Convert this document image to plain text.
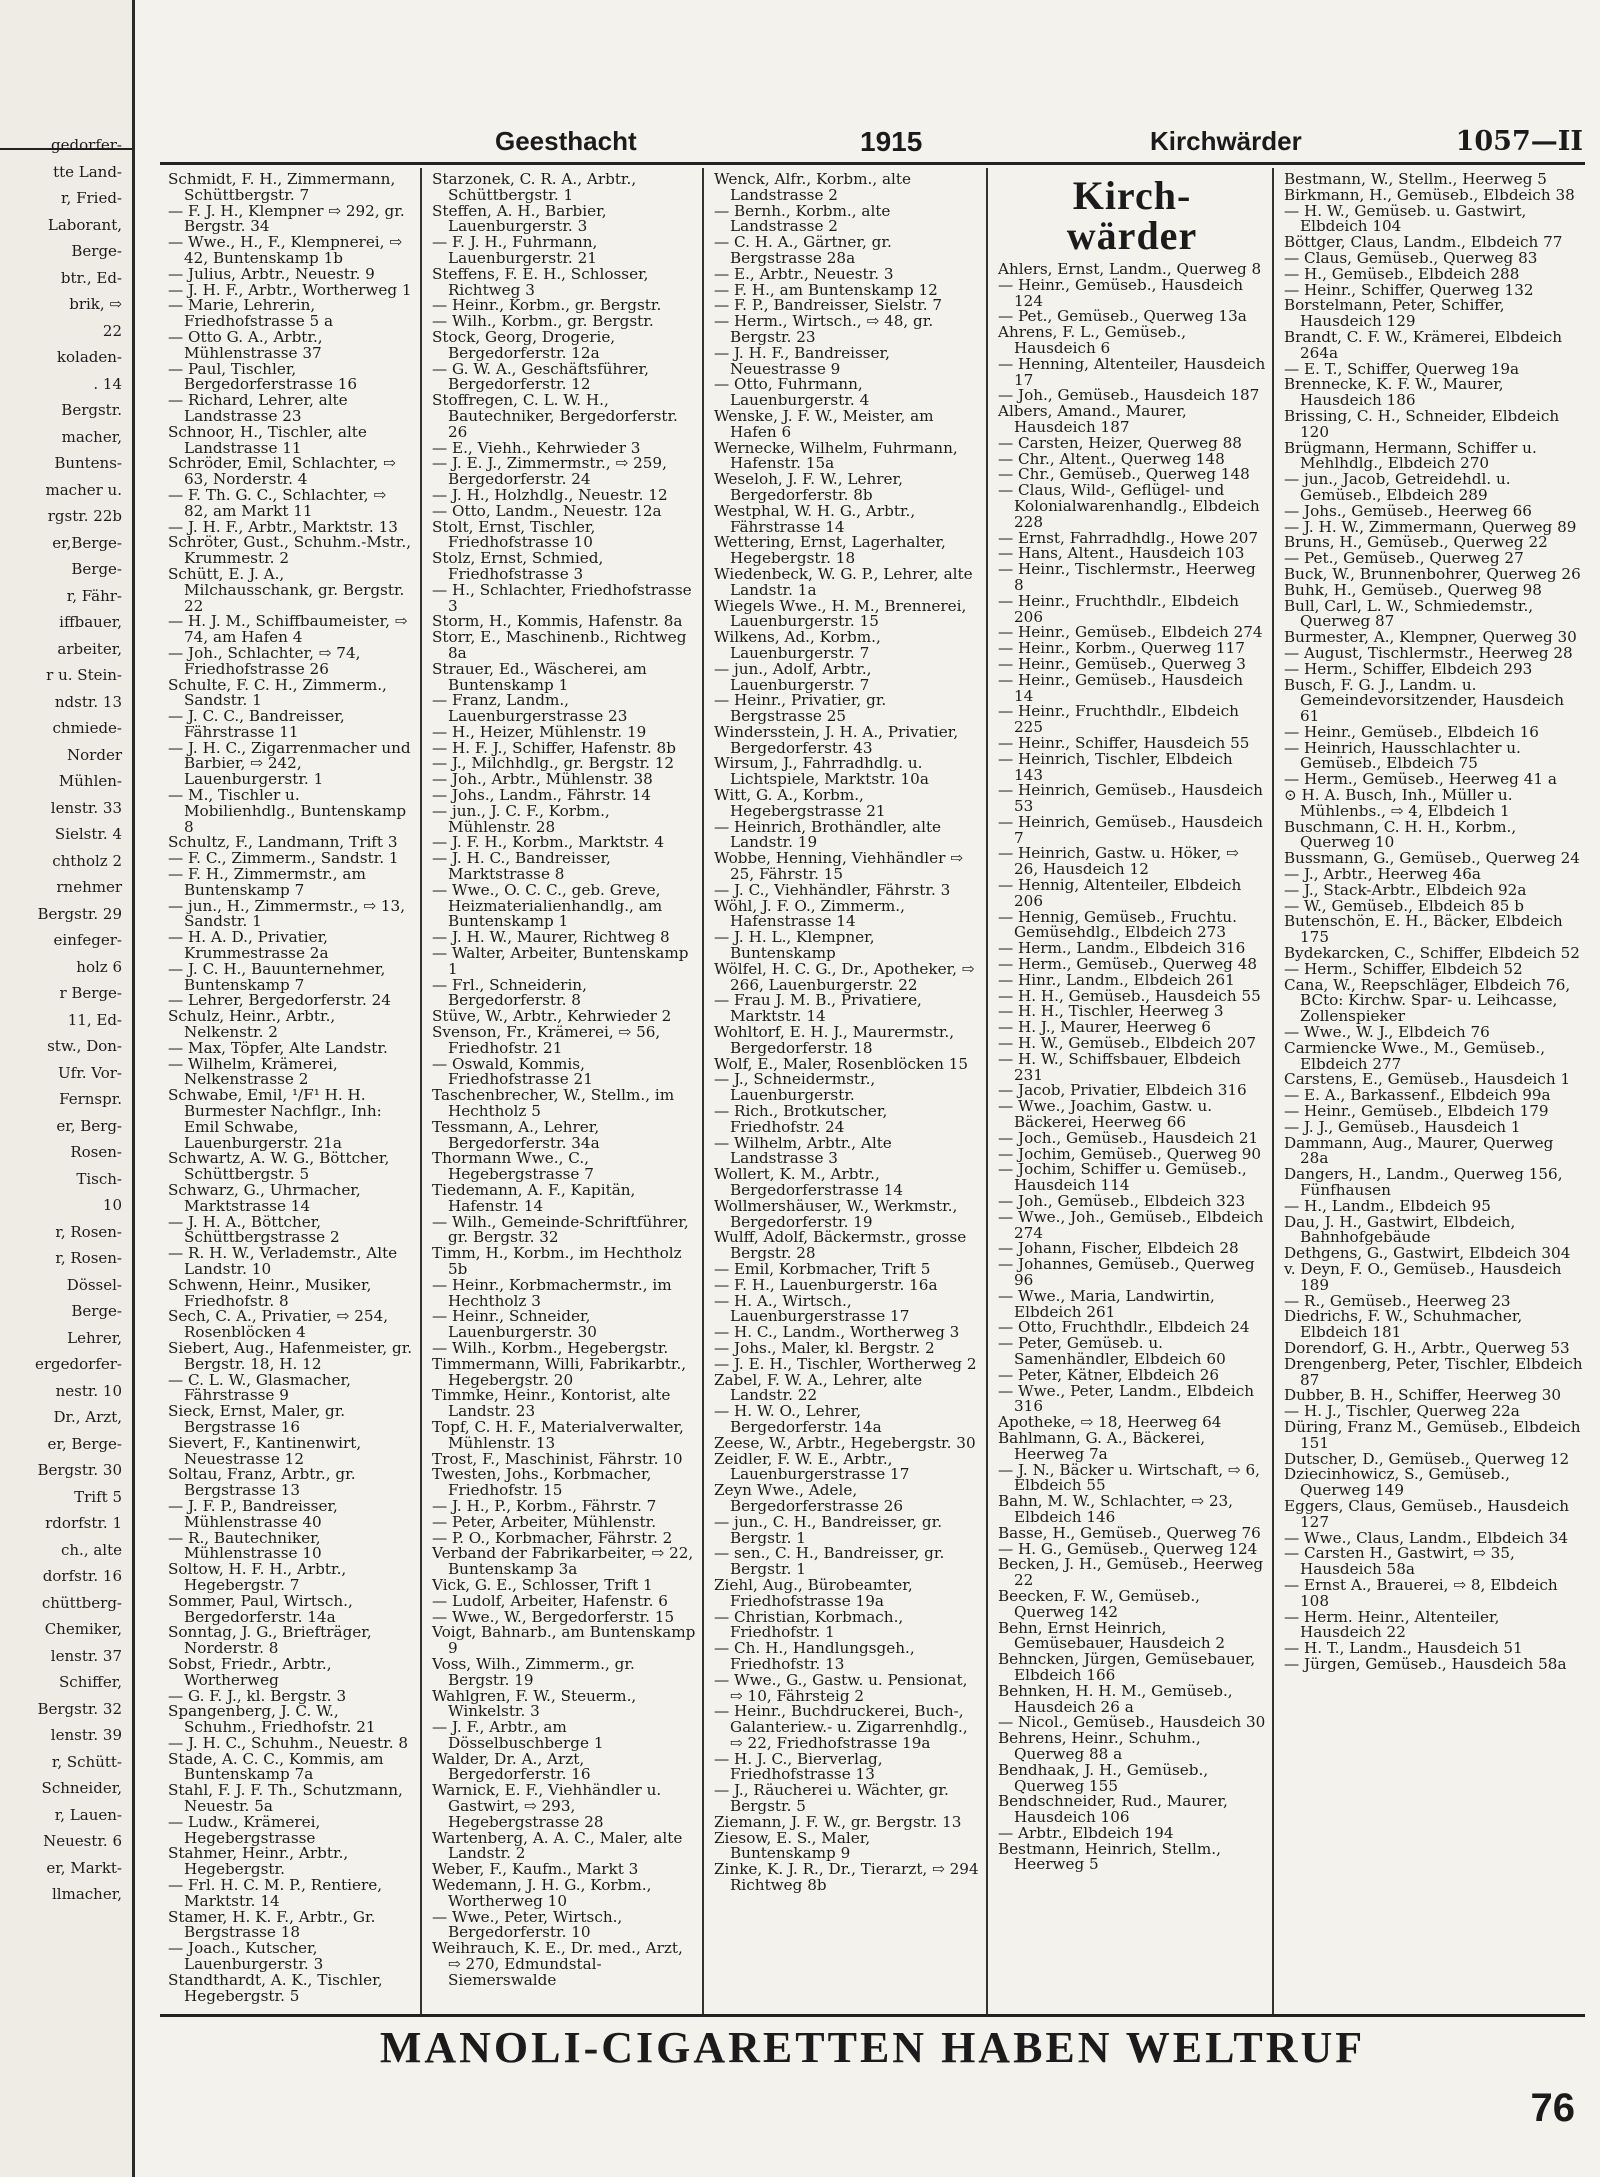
gedorfer-
tte Land-
r, Fried-
Laborant,
Berge-
btr., Ed-
brik, ⇨
22
koladen-
. 14
Bergstr.
macher,
Buntens-
macher u.
rgstr. 22b
er,Berge-
Berge-
r, Fähr-
iffbauer,
arbeiter,
r u. Stein-
ndstr. 13
chmiede-
Norder
Mühlen-
lenstr. 33
Sielstr. 4
chtholz 2
rnehmer
Bergstr. 29
einfeger-
holz 6
r Berge-
11, Ed-
stw., Don-
Ufr. Vor-
Fernspr.
er, Berg-
Rosen-
Tisch-
10
r, Rosen-
r, Rosen-
Dössel-
Berge-
Lehrer,
ergedorfer-
nestr. 10
Dr., Arzt,
er, Berge-
Bergstr. 30
Trift 5
rdorfstr. 1
ch., alte
dorfstr. 16
chüttberg-
Chemiker,
lenstr. 37
Schiffer,
Bergstr. 32
lenstr. 39
r, Schütt-
Schneider,
r, Lauen-
Neuestr. 6
er, Markt-
llmacher,
Geesthacht	1915	Kirchwärder	1057—II

Schmidt, F. H., Zimmermann, Schüttbergstr. 7

— F. J. H., Klempner ⇨ 292, gr. Bergstr. 34

— Wwe., H., F., Klempnerei, ⇨ 42, Buntenskamp 1b

— Julius, Arbtr., Neuestr. 9

— J. H. F., Arbtr., Wortherweg 1

— Marie, Lehrerin, Friedhofstrasse 5 a

— Otto G. A., Arbtr., Mühlenstrasse 37

— Paul, Tischler, Bergedorferstrasse 16

— Richard, Lehrer, alte Landstrasse 23

Schnoor, H., Tischler, alte Landstrasse 11

Schröder, Emil, Schlachter, ⇨ 63, Norderstr. 4

— F. Th. G. C., Schlachter, ⇨ 82, am Markt 11

— J. H. F., Arbtr., Marktstr. 13

Schröter, Gust., Schuhm.-Mstr., Krummestr. 2

Schütt, E. J. A., Milchausschank, gr. Bergstr. 22

— H. J. M., Schiffbaumeister, ⇨ 74, am Hafen 4

— Joh., Schlachter, ⇨ 74, Friedhofstrasse 26

Schulte, F. C. H., Zimmerm., Sandstr. 1

— J. C. C., Bandreisser, Fährstrasse 11

— J. H. C., Zigarrenmacher und Barbier, ⇨ 242, Lauenburgerstr. 1

— M., Tischler u. Mobilienhdlg., Buntenskamp 8

Schultz, F., Landmann, Trift 3

— F. C., Zimmerm., Sandstr. 1

— F. H., Zimmermstr., am Buntenskamp 7

— jun., H., Zimmermstr., ⇨ 13, Sandstr. 1

— H. A. D., Privatier, Krummestrasse 2a

— J. C. H., Bauunternehmer, Buntenskamp 7

— Lehrer, Bergedorferstr. 24

Schulz, Heinr., Arbtr., Nelkenstr. 2

— Max, Töpfer, Alte Landstr.

— Wilhelm, Krämerei, Nelkenstrasse 2

Schwabe, Emil, ¹/F¹ H. H. Burmester Nachflgr., Inh: Emil Schwabe, Lauenburgerstr. 21a

Schwartz, A. W. G., Böttcher, Schüttbergstr. 5

Schwarz, G., Uhrmacher, Marktstrasse 14

— J. H. A., Böttcher, Schüttbergstrasse 2

— R. H. W., Verlademstr., Alte Landstr. 10

Schwenn, Heinr., Musiker, Friedhofstr. 8

Sech, C. A., Privatier, ⇨ 254, Rosenblöcken 4

Siebert, Aug., Hafenmeister, gr. Bergstr. 18, H. 12

— C. L. W., Glasmacher, Fährstrasse 9

Sieck, Ernst, Maler, gr. Bergstrasse 16

Sievert, F., Kantinenwirt, Neuestrasse 12

Soltau, Franz, Arbtr., gr. Bergstrasse 13

— J. F. P., Bandreisser, Mühlenstrasse 40

— R., Bautechniker, Mühlenstrasse 10

Soltow, H. F. H., Arbtr., Hegebergstr. 7

Sommer, Paul, Wirtsch., Bergedorferstr. 14a

Sonntag, J. G., Briefträger, Norderstr. 8

Sobst, Friedr., Arbtr., Wortherweg

— G. F. J., kl. Bergstr. 3

Spangenberg, J. C. W., Schuhm., Friedhofstr. 21

— J. H. C., Schuhm., Neuestr. 8

Stade, A. C. C., Kommis, am Buntenskamp 7a

Stahl, F. J. F. Th., Schutzmann, Neuestr. 5a

— Ludw., Krämerei, Hegebergstrasse

Stahmer, Heinr., Arbtr., Hegebergstr.

— Frl. H. C. M. P., Rentiere, Marktstr. 14

Stamer, H. K. F., Arbtr., Gr. Bergstrasse 18

— Joach., Kutscher, Lauenburgerstr. 3

Standthardt, A. K., Tischler, Hegebergstr. 5

Starzonek, C. R. A., Arbtr., Schüttbergstr. 1

Steffen, A. H., Barbier, Lauenburgerstr. 3

— F. J. H., Fuhrmann, Lauenburgerstr. 21

Steffens, F. E. H., Schlosser, Richtweg 3

— Heinr., Korbm., gr. Bergstr.

— Wilh., Korbm., gr. Bergstr.

Stock, Georg, Drogerie, Bergedorferstr. 12a

— G. W. A., Geschäftsführer, Bergedorferstr. 12

Stoffregen, C. L. W. H., Bautechniker, Bergedorferstr. 26

— E., Viehh., Kehrwieder 3

— J. E. J., Zimmermstr., ⇨ 259, Bergedorferstr. 24

— J. H., Holzhdlg., Neuestr. 12

— Otto, Landm., Neuestr. 12a

Stolt, Ernst, Tischler, Friedhofstrasse 10

Stolz, Ernst, Schmied, Friedhofstrasse 3

— H., Schlachter, Friedhofstrasse 3

Storm, H., Kommis, Hafenstr. 8a

Storr, E., Maschinenb., Richtweg 8a

Strauer, Ed., Wäscherei, am Buntenskamp 1

— Franz, Landm., Lauenburgerstrasse 23

— H., Heizer, Mühlenstr. 19

— H. F. J., Schiffer, Hafenstr. 8b

— J., Milchhdlg., gr. Bergstr. 12

— Joh., Arbtr., Mühlenstr. 38

— Johs., Landm., Fährstr. 14

— jun., J. C. F., Korbm., Mühlenstr. 28

— J. F. H., Korbm., Marktstr. 4

— J. H. C., Bandreisser, Marktstrasse 8

— Wwe., O. C. C., geb. Greve, Heizmaterialienhandlg., am Buntenskamp 1

— J. H. W., Maurer, Richtweg 8

— Walter, Arbeiter, Buntenskamp 1

— Frl., Schneiderin, Bergedorferstr. 8

Stüve, W., Arbtr., Kehrwieder 2

Svenson, Fr., Krämerei, ⇨ 56, Friedhofstr. 21

— Oswald, Kommis, Friedhofstrasse 21

Taschenbrecher, W., Stellm., im Hechtholz 5

Tessmann, A., Lehrer, Bergedorferstr. 34a

Thormann Wwe., C., Hegebergstrasse 7

Tiedemann, A. F., Kapitän, Hafenstr. 14

— Wilh., Gemeinde-Schriftführer, gr. Bergstr. 32

Timm, H., Korbm., im Hechtholz 5b

— Heinr., Korbmachermstr., im Hechtholz 3

— Heinr., Schneider, Lauenburgerstr. 30

— Wilh., Korbm., Hegebergstr.

Timmermann, Willi, Fabrikarbtr., Hegebergstr. 20

Timmke, Heinr., Kontorist, alte Landstr. 23

Topf, C. H. F., Materialverwalter, Mühlenstr. 13

Trost, F., Maschinist, Fährstr. 10

Twesten, Johs., Korbmacher, Friedhofstr. 15

— J. H., P., Korbm., Fährstr. 7

— Peter, Arbeiter, Mühlenstr.

— P. O., Korbmacher, Fährstr. 2

Verband der Fabrikarbeiter, ⇨ 22, Buntenskamp 3a

Vick, G. E., Schlosser, Trift 1

— Ludolf, Arbeiter, Hafenstr. 6

— Wwe., W., Bergedorferstr. 15

Voigt, Bahnarb., am Buntenskamp 9

Voss, Wilh., Zimmerm., gr. Bergstr. 19

Wahlgren, F. W., Steuerm., Winkelstr. 3

— J. F., Arbtr., am Dösselbuschberge 1

Walder, Dr. A., Arzt, Bergedorferstr. 16

Warnick, E. F., Viehhändler u. Gastwirt, ⇨ 293, Hegebergstrasse 28

Wartenberg, A. A. C., Maler, alte Landstr. 2

Weber, F., Kaufm., Markt 3

Wedemann, J. H. G., Korbm., Wortherweg 10

— Wwe., Peter, Wirtsch., Bergedorferstr. 10

Weihrauch, K. E., Dr. med., Arzt, ⇨ 270, Edmundstal-Siemerswalde

Wenck, Alfr., Korbm., alte Landstrasse 2

— Bernh., Korbm., alte Landstrasse 2

— C. H. A., Gärtner, gr. Bergstrasse 28a

— E., Arbtr., Neuestr. 3

— F. H., am Buntenskamp 12

— F. P., Bandreisser, Sielstr. 7

— Herm., Wirtsch., ⇨ 48, gr. Bergstr. 23

— J. H. F., Bandreisser, Neuestrasse 9

— Otto, Fuhrmann, Lauenburgerstr. 4

Wenske, J. F. W., Meister, am Hafen 6

Wernecke, Wilhelm, Fuhrmann, Hafenstr. 15a

Weseloh, J. F. W., Lehrer, Bergedorferstr. 8b

Westphal, W. H. G., Arbtr., Fährstrasse 14

Wettering, Ernst, Lagerhalter, Hegebergstr. 18

Wiedenbeck, W. G. P., Lehrer, alte Landstr. 1a

Wiegels Wwe., H. M., Brennerei, Lauenburgerstr. 15

Wilkens, Ad., Korbm., Lauenburgerstr. 7

— jun., Adolf, Arbtr., Lauenburgerstr. 7

— Heinr., Privatier, gr. Bergstrasse 25

Windersstein, J. H. A., Privatier, Bergedorferstr. 43

Wirsum, J., Fahrradhdlg. u. Lichtspiele, Marktstr. 10a

Witt, G. A., Korbm., Hegebergstrasse 21

— Heinrich, Brothändler, alte Landstr. 19

Wobbe, Henning, Viehhändler ⇨ 25, Fährstr. 15

— J. C., Viehhändler, Fährstr. 3

Wöhl, J. F. O., Zimmerm., Hafenstrasse 14

— J. H. L., Klempner, Buntenskamp

Wölfel, H. C. G., Dr., Apotheker, ⇨ 266, Lauenburgerstr. 22

— Frau J. M. B., Privatiere, Marktstr. 14

Wohltorf, E. H. J., Maurermstr., Bergedorferstr. 18

Wolf, E., Maler, Rosenblöcken 15

— J., Schneidermstr., Lauenburgerstr.

— Rich., Brotkutscher, Friedhofstr. 24

— Wilhelm, Arbtr., Alte Landstrasse 3

Wollert, K. M., Arbtr., Bergedorferstrasse 14

Wollmershäuser, W., Werkmstr., Bergedorferstr. 19

Wulff, Adolf, Bäckermstr., grosse Bergstr. 28

— Emil, Korbmacher, Trift 5

— F. H., Lauenburgerstr. 16a

— H. A., Wirtsch., Lauenburgerstrasse 17

— H. C., Landm., Wortherweg 3

— Johs., Maler, kl. Bergstr. 2

— J. E. H., Tischler, Wortherweg 2

Zabel, F. W. A., Lehrer, alte Landstr. 22

— H. W. O., Lehrer, Bergedorferstr. 14a

Zeese, W., Arbtr., Hegebergstr. 30

Zeidler, F. W. E., Arbtr., Lauenburgerstrasse 17

Zeyn Wwe., Adele, Bergedorferstrasse 26

— jun., C. H., Bandreisser, gr. Bergstr. 1

— sen., C. H., Bandreisser, gr. Bergstr. 1

Ziehl, Aug., Bürobeamter, Friedhofstrasse 19a

— Christian, Korbmach., Friedhofstr. 1

— Ch. H., Handlungsgeh., Friedhofstr. 13

— Wwe., G., Gastw. u. Pensionat, ⇨ 10, Fährsteig 2

— Heinr., Buchdruckerei, Buch-, Galanteriew.- u. Zigarrenhdlg., ⇨ 22, Friedhofstrasse 19a

— H. J. C., Bierverlag, Friedhofstrasse 13

— J., Räucherei u. Wächter, gr. Bergstr. 5

Ziemann, J. F. W., gr. Bergstr. 13

Ziesow, E. S., Maler, Buntenskamp 9

Zinke, K. J. R., Dr., Tierarzt, ⇨ 294 Richtweg 8b

Kirch-
wärder

Ahlers, Ernst, Landm., Querweg 8

— Heinr., Gemüseb., Hausdeich 124

— Pet., Gemüseb., Querweg 13a

Ahrens, F. L., Gemüseb., Hausdeich 6

— Henning, Altenteiler, Hausdeich 17

— Joh., Gemüseb., Hausdeich 187

Albers, Amand., Maurer, Hausdeich 187

— Carsten, Heizer, Querweg 88

— Chr., Altent., Querweg 148

— Chr., Gemüseb., Querweg 148

— Claus, Wild-, Geflügel- und Kolonialwarenhandlg., Elbdeich 228

— Ernst, Fahrradhdlg., Howe 207

— Hans, Altent., Hausdeich 103

— Heinr., Tischlermstr., Heerweg 8

— Heinr., Fruchthdlr., Elbdeich 206

— Heinr., Gemüseb., Elbdeich 274

— Heinr., Korbm., Querweg 117

— Heinr., Gemüseb., Querweg 3

— Heinr., Gemüseb., Hausdeich 14

— Heinr., Fruchthdlr., Elbdeich 225

— Heinr., Schiffer, Hausdeich 55

— Heinrich, Tischler, Elbdeich 143

— Heinrich, Gemüseb., Hausdeich 53

— Heinrich, Gemüseb., Hausdeich 7

— Heinrich, Gastw. u. Höker, ⇨ 26, Hausdeich 12

— Hennig, Altenteiler, Elbdeich 206

— Hennig, Gemüseb., Fruchtu. Gemüsehdlg., Elbdeich 273

— Herm., Landm., Elbdeich 316

— Herm., Gemüseb., Querweg 48

— Hinr., Landm., Elbdeich 261

— H. H., Gemüseb., Hausdeich 55

— H. H., Tischler, Heerweg 3

— H. J., Maurer, Heerweg 6

— H. W., Gemüseb., Elbdeich 207

— H. W., Schiffsbauer, Elbdeich 231

— Jacob, Privatier, Elbdeich 316

— Wwe., Joachim, Gastw. u. Bäckerei, Heerweg 66

— Joch., Gemüseb., Hausdeich 21

— Jochim, Gemüseb., Querweg 90

— Jochim, Schiffer u. Gemüseb., Hausdeich 114

— Joh., Gemüseb., Elbdeich 323

— Wwe., Joh., Gemüseb., Elbdeich 274

— Johann, Fischer, Elbdeich 28

— Johannes, Gemüseb., Querweg 96

— Wwe., Maria, Landwirtin, Elbdeich 261

— Otto, Fruchthdlr., Elbdeich 24

— Peter, Gemüseb. u. Samenhändler, Elbdeich 60

— Peter, Kätner, Elbdeich 26

— Wwe., Peter, Landm., Elbdeich 316

Apotheke, ⇨ 18, Heerweg 64

Bahlmann, G. A., Bäckerei, Heerweg 7a

— J. N., Bäcker u. Wirtschaft, ⇨ 6, Elbdeich 55

Bahn, M. W., Schlachter, ⇨ 23, Elbdeich 146

Basse, H., Gemüseb., Querweg 76

— H. G., Gemüseb., Querweg 124

Becken, J. H., Gemüseb., Heerweg 22

Beecken, F. W., Gemüseb., Querweg 142

Behn, Ernst Heinrich, Gemüsebauer, Hausdeich 2

Behncken, Jürgen, Gemüsebauer, Elbdeich 166

Behnken, H. H. M., Gemüseb., Hausdeich 26 a

— Nicol., Gemüseb., Hausdeich 30

Behrens, Heinr., Schuhm., Querweg 88 a

Bendhaak, J. H., Gemüseb., Querweg 155

Bendschneider, Rud., Maurer, Hausdeich 106

— Arbtr., Elbdeich 194

Bestmann, Heinrich, Stellm., Heerweg 5

Bestmann, W., Stellm., Heerweg 5

Birkmann, H., Gemüseb., Elbdeich 38

— H. W., Gemüseb. u. Gastwirt, Elbdeich 104

Böttger, Claus, Landm., Elbdeich 77

— Claus, Gemüseb., Querweg 83

— H., Gemüseb., Elbdeich 288

— Heinr., Schiffer, Querweg 132

Borstelmann, Peter, Schiffer, Hausdeich 129

Brandt, C. F. W., Krämerei, Elbdeich 264a

— E. T., Schiffer, Querweg 19a

Brennecke, K. F. W., Maurer, Hausdeich 186

Brissing, C. H., Schneider, Elbdeich 120

Brügmann, Hermann, Schiffer u. Mehlhdlg., Elbdeich 270

— jun., Jacob, Getreidehdl. u. Gemüseb., Elbdeich 289

— Johs., Gemüseb., Heerweg 66

— J. H. W., Zimmermann, Querweg 89

Bruns, H., Gemüseb., Querweg 22

— Pet., Gemüseb., Querweg 27

Buck, W., Brunnenbohrer, Querweg 26

Buhk, H., Gemüseb., Querweg 98

Bull, Carl, L. W., Schmiedemstr., Querweg 87

Burmester, A., Klempner, Querweg 30

— August, Tischlermstr., Heerweg 28

— Herm., Schiffer, Elbdeich 293

Busch, F. G. J., Landm. u. Gemeindevorsitzender, Hausdeich 61

— Heinr., Gemüseb., Elbdeich 16

— Heinrich, Hausschlachter u. Gemüseb., Elbdeich 75

— Herm., Gemüseb., Heerweg 41 a

⊙ H. A. Busch, Inh., Müller u. Mühlenbs., ⇨ 4, Elbdeich 1

Buschmann, C. H. H., Korbm., Querweg 10

Bussmann, G., Gemüseb., Querweg 24

— J., Arbtr., Heerweg 46a

— J., Stack-Arbtr., Elbdeich 92a

— W., Gemüseb., Elbdeich 85 b

Butenschön, E. H., Bäcker, Elbdeich 175

Bydekarcken, C., Schiffer, Elbdeich 52

— Herm., Schiffer, Elbdeich 52

Cana, W., Reepschläger, Elbdeich 76, BCto: Kirchw. Spar- u. Leihcasse, Zollenspieker

— Wwe., W. J., Elbdeich 76

Carmiencke Wwe., M., Gemüseb., Elbdeich 277

Carstens, E., Gemüseb., Hausdeich 1

— E. A., Barkassenf., Elbdeich 99a

— Heinr., Gemüseb., Elbdeich 179

— J. J., Gemüseb., Hausdeich 1

Dammann, Aug., Maurer, Querweg 28a

Dangers, H., Landm., Querweg 156, Fünfhausen

— H., Landm., Elbdeich 95

Dau, J. H., Gastwirt, Elbdeich, Bahnhofgebäude

Dethgens, G., Gastwirt, Elbdeich 304

v. Deyn, F. O., Gemüseb., Hausdeich 189

— R., Gemüseb., Heerweg 23

Diedrichs, F. W., Schuhmacher, Elbdeich 181

Dorendorf, G. H., Arbtr., Querweg 53

Drengenberg, Peter, Tischler, Elbdeich 87

Dubber, B. H., Schiffer, Heerweg 30

— H. J., Tischler, Querweg 22a

Düring, Franz M., Gemüseb., Elbdeich 151

Dutscher, D., Gemüseb., Querweg 12

Dziecinhowicz, S., Gemüseb., Querweg 149

Eggers, Claus, Gemüseb., Hausdeich 127

— Wwe., Claus, Landm., Elbdeich 34

— Carsten H., Gastwirt, ⇨ 35, Hausdeich 58a

— Ernst A., Brauerei, ⇨ 8, Elbdeich 108

— Herm. Heinr., Altenteiler, Hausdeich 22

— H. T., Landm., Hausdeich 51

— Jürgen, Gemüseb., Hausdeich 58a

MANOLI-CIGARETTEN HABEN WELTRUF
76
